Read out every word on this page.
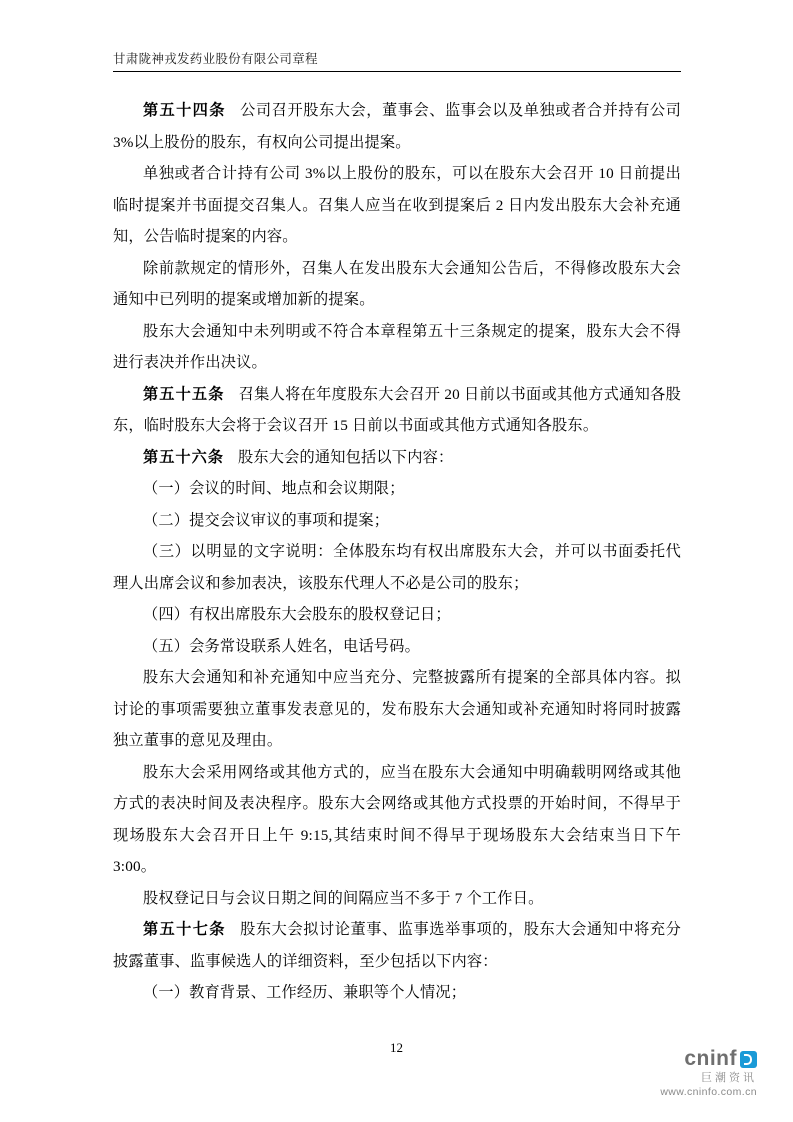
甘肃陇神戎发药业股份有限公司章程

第五十四条 公司召开股东大会，董事会、监事会以及单独或者合并持有公司 3%以上股份的股东，有权向公司提出提案。

单独或者合计持有公司 3%以上股份的股东，可以在股东大会召开 10 日前提出临时提案并书面提交召集人。召集人应当在收到提案后 2 日内发出股东大会补充通知，公告临时提案的内容。

除前款规定的情形外，召集人在发出股东大会通知公告后，不得修改股东大会通知中已列明的提案或增加新的提案。

股东大会通知中未列明或不符合本章程第五十三条规定的提案，股东大会不得进行表决并作出决议。

第五十五条 召集人将在年度股东大会召开 20 日前以书面或其他方式通知各股东，临时股东大会将于会议召开 15 日前以书面或其他方式通知各股东。

第五十六条 股东大会的通知包括以下内容：

（一）会议的时间、地点和会议期限；

（二）提交会议审议的事项和提案；

（三）以明显的文字说明：全体股东均有权出席股东大会，并可以书面委托代理人出席会议和参加表决，该股东代理人不必是公司的股东；

（四）有权出席股东大会股东的股权登记日；

（五）会务常设联系人姓名，电话号码。

股东大会通知和补充通知中应当充分、完整披露所有提案的全部具体内容。拟讨论的事项需要独立董事发表意见的，发布股东大会通知或补充通知时将同时披露独立董事的意见及理由。

股东大会采用网络或其他方式的，应当在股东大会通知中明确载明网络或其他方式的表决时间及表决程序。股东大会网络或其他方式投票的开始时间，不得早于现场股东大会召开日上午 9:15,其结束时间不得早于现场股东大会结束当日下午 3:00。

股权登记日与会议日期之间的间隔应当不多于 7 个工作日。

第五十七条 股东大会拟讨论董事、监事选举事项的，股东大会通知中将充分披露董事、监事候选人的详细资料，至少包括以下内容：

（一）教育背景、工作经历、兼职等个人情况；

12	cninf
巨潮资讯
www.cninfo.com.cn
